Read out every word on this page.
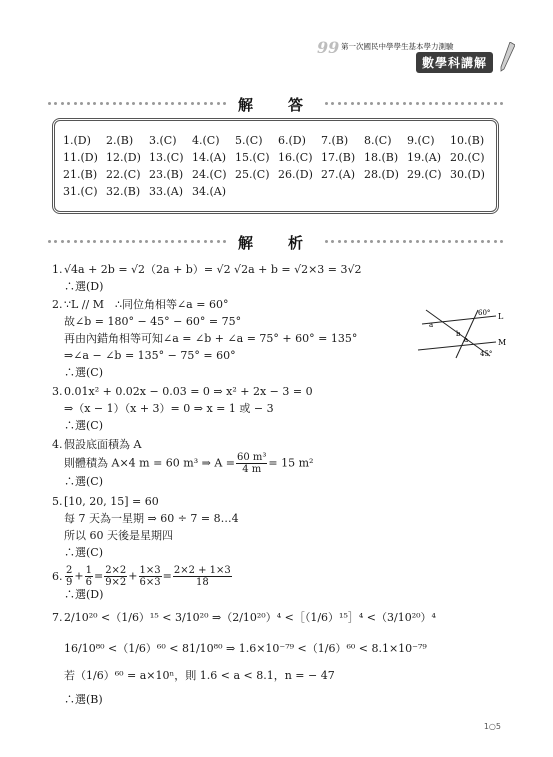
99 第一次國民中學學生基本學力測驗
數學科講解
解　答
1.(D)	2.(B)	3.(C)	4.(C)	5.(C)	6.(D)	7.(B)	8.(C)	9.(C)	10.(B)
11.(D) 12.(D) 13.(C) 14.(A) 15.(C) 16.(C) 17.(B) 18.(B) 19.(A) 20.(C)
21.(B) 22.(C) 23.(B) 24.(C) 25.(C) 26.(D) 27.(A) 28.(D) 29.(C) 30.(D)
31.(C) 32.(B) 33.(A) 34.(A)
解　析
1. √4a + 2b = √2（2a + b）= √2 √2a + b = √2×3 = 3√2
∴選(D)
2. ∵L // M　∴同位角相等∠a = 60°
故∠b = 180° − 45° − 60° = 75°
再由內錯角相等可知∠a = ∠b + ∠a = 75° + 60° = 135°
⇒∠a − ∠b = 135° − 75° = 60°
∴選(C)
60°
45°
L
M
a
b
a
3. 0.01x² + 0.02x − 0.03 = 0 ⇒ x² + 2x − 3 = 0
⇒（x − 1）（x + 3）= 0 ⇒ x = 1 或 − 3
∴選(C)
4. 假設底面積為 A
則體積為 A×4 m = 60 m³ ⇒ $A = \frac{\text{60 m³}}{4 m} = 15$ m²
∴選(C)
5. [10, 20, 15] = 60
每 7 天為一星期 ⇒ 60 ÷ 7 = 8…4
所以 60 天後是星期四
∴選(C)
6. $\frac{2}{9} + \frac{1}{6} = \frac{2\times 2}{9\times 2} + \frac{1\times 3}{6\times 3} = \frac{2\times 2 + 1\times 3}{18}$
∴選(D)
7. 2/10²⁰ <（1/6）¹⁵ < 3/10²⁰ ⇒（2/10²⁰）⁴ <［（1/6）¹⁵］⁴ <（3/10²⁰）⁴
16/10⁸⁰ <（1/6）⁶⁰ < 81/10⁸⁰ ⇒ 1.6×10⁻⁷⁹ <（1/6）⁶⁰ < 8.1×10⁻⁷⁹
若（1/6）⁶⁰ = a×10ⁿ，則 1.6 < a < 8.1，n = − 47
∴選(B)
1○5
